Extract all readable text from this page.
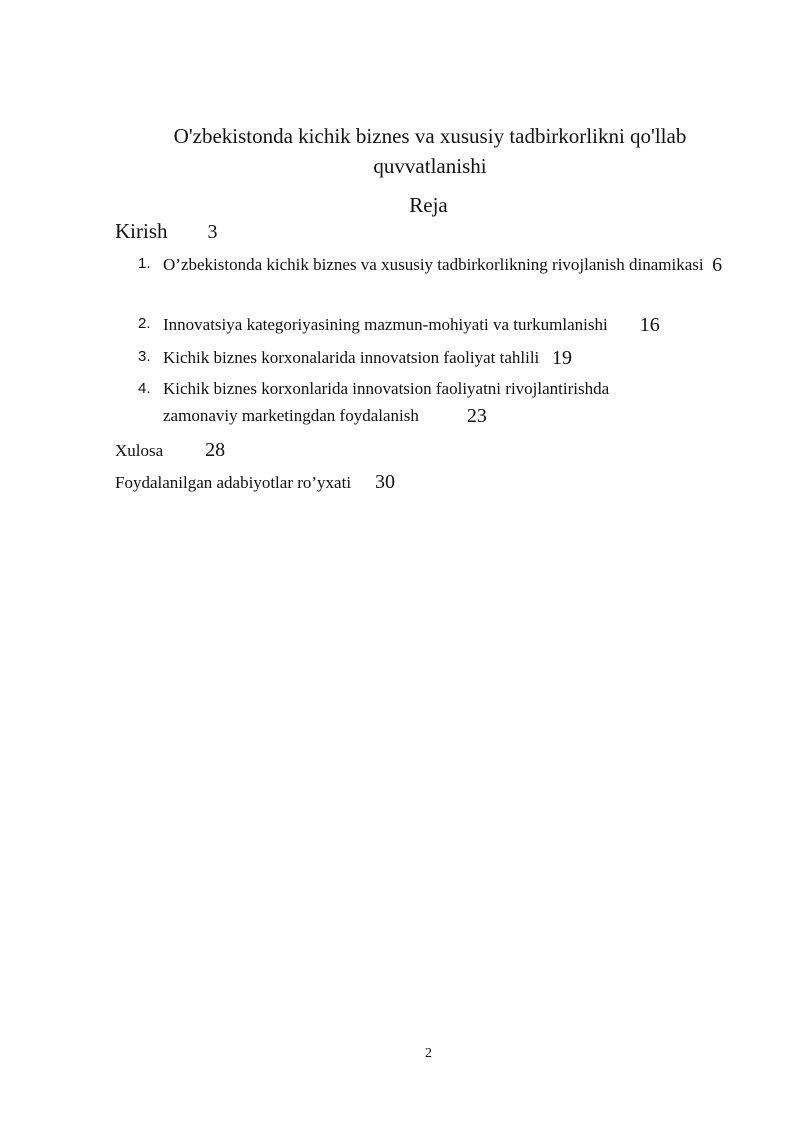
O'zbekistonda kichik biznes va xususiy tadbirkorlikni qo'llab quvvatlanishi
Reja
Kirish 3
1. O’zbekistonda kichik biznes va xususiy tadbirkorlikning rivojlanish dinamikasi 6
2. Innovatsiya kategoriyasining mazmun-mohiyati va turkumlanishi 16
3. Kichik biznes korxonalarida innovatsion faoliyat tahlili 19
4. Kichik biznes korxonlarida innovatsion faoliyatni rivojlantirishda zamonaviy marketingdan foydalanish 23
Xulosa 28
Foydalanilgan adabiyotlar ro’yxati 30
2
